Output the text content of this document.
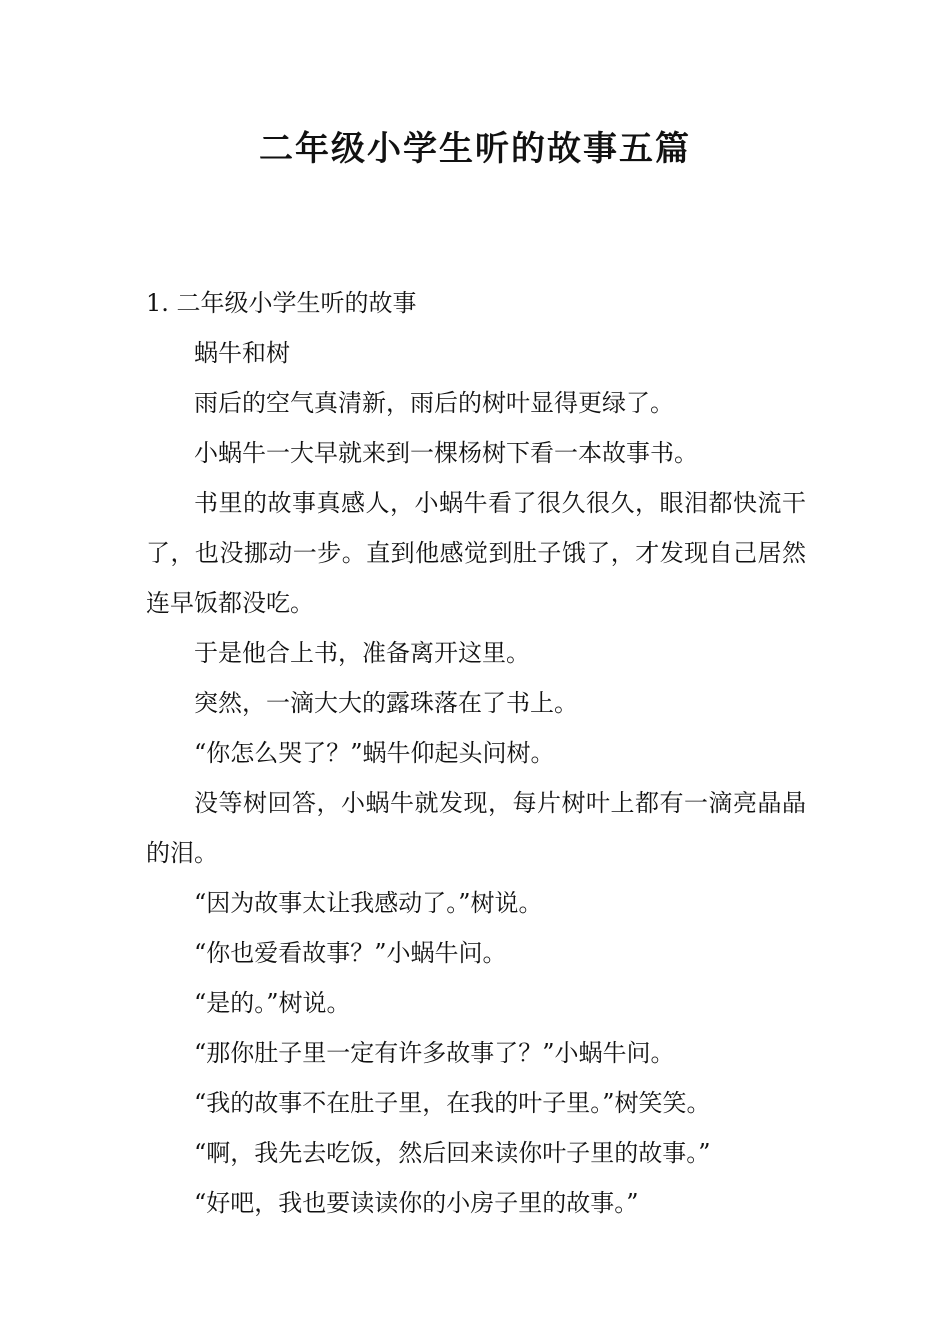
二年级小学生听的故事五篇

1. 二年级小学生听的故事

蜗牛和树

雨后的空气真清新，雨后的树叶显得更绿了。

小蜗牛一大早就来到一棵杨树下看一本故事书。

书里的故事真感人，小蜗牛看了很久很久，眼泪都快流干了，也没挪动一步。直到他感觉到肚子饿了，才发现自己居然连早饭都没吃。

于是他合上书，准备离开这里。

突然，一滴大大的露珠落在了书上。

“你怎么哭了？”蜗牛仰起头问树。

没等树回答，小蜗牛就发现，每片树叶上都有一滴亮晶晶的泪。

“因为故事太让我感动了。”树说。

“你也爱看故事？”小蜗牛问。

“是的。”树说。

“那你肚子里一定有许多故事了？”小蜗牛问。

“我的故事不在肚子里，在我的叶子里。”树笑笑。

“啊，我先去吃饭，然后回来读你叶子里的故事。”

“好吧，我也要读读你的小房子里的故事。”
